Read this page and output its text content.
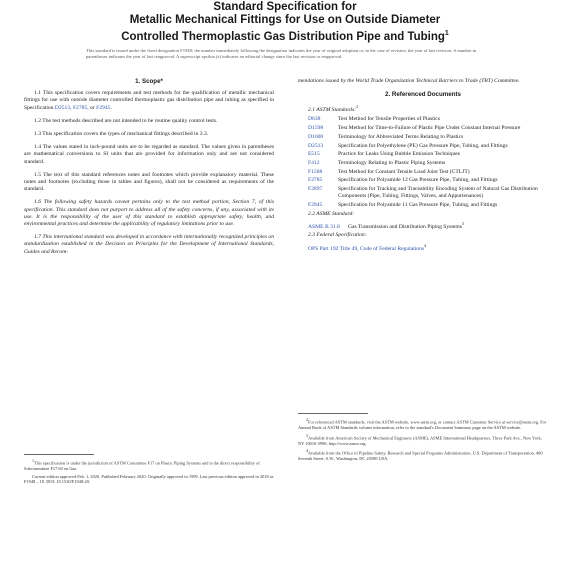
Standard Specification for
Metallic Mechanical Fittings for Use on Outside Diameter
Controlled Thermoplastic Gas Distribution Pipe and Tubing$^1$
This standard is issued under the fixed designation F1948; the number immediately following the designation indicates the year of original adoption or, in the case of revision, the year of last revision. A number in parentheses indicates the year of last reapproval. A superscript epsilon (ε) indicates an editorial change since the last revision or reapproval.
1. Scope*

1.1 This specification covers requirements and test methods for the qualification of metallic mechanical fittings for use with outside diameter controlled thermoplastic gas distribution pipe and tubing as specified in Specification D2513, F2785, or F2945.

1.2 The test methods described are not intended to be routine quality control tests.

1.3 This specification covers the types of mechanical fittings described in 3.3.

1.4 The values stated in inch-pound units are to be regarded as standard. The values given in parentheses are mathematical conversions to SI units that are provided for information only and are not considered standard.

1.5 The text of this standard references notes and footnotes which provide explanatory material. These notes and footnotes (excluding those in tables and figures), shall not be considered as requirements of the standard.

1.6 The following safety hazards caveat pertains only to the test method portion, Section 7, of this specification. This standard does not purport to address all of the safety concerns, if any, associated with its use. It is the responsibility of the user of this standard to establish appropriate safety, health, and environmental practices and determine the applicability of regulatory limitations prior to use.

1.7 This international standard was developed in accordance with internationally recognized principles on standardization established in the Decision on Principles for the Development of International Standards, Guides and Recom-

$^1$This specification is under the jurisdiction of ASTM Committee F17 on Plastic Piping Systems and is the direct responsibility of Subcommittee F17.60 on Gas.

Current edition approved Feb. 1, 2020. Published February 2020. Originally approved in 1999. Last previous edition approved in 2018 as F1948 – 18. DOI: 10.1520/F1948-20.

mendations issued by the World Trade Organization Technical Barriers to Trade (TBT) Committee.

2. Referenced Documents
2.1 ASTM Standards:$^2$
D638	Test Method for Tensile Properties of Plastics
D1598	Test Method for Time-to-Failure of Plastic Pipe Under Constant Internal Pressure
D1600	Terminology for Abbreviated Terms Relating to Plastics
D2513	Specification for Polyethylene (PE) Gas Pressure Pipe, Tubing, and Fittings
E515	Practice for Leaks Using Bubble Emission Techniques
F412	Terminology Relating to Plastic Piping Systems
F1588	Test Method for Constant Tensile Load Joint Test (CTLJT)
F2785	Specification for Polyamide 12 Gas Pressure Pipe, Tubing, and Fittings
F2897	Specification for Tracking and Traceability Encoding System of Natural Gas Distribution Components (Pipe, Tubing, Fittings, Valves, and Appurtenances)
F2945	Specification for Polyamide 11 Gas Pressure Pipe, Tubing, and Fittings
2.2 ASME Standard:
ASME B 31.8 Gas Transmission and Distribution Piping Systems$^3$
2.3 Federal Specification:
OPS Part 192 Title 49, Code of Federal Regulations$^4$

$^2$For referenced ASTM standards, visit the ASTM website, www.astm.org, or contact ASTM Customer Service at service@astm.org. For Annual Book of ASTM Standards volume information, refer to the standard's Document Summary page on the ASTM website.

$^3$Available from American Society of Mechanical Engineers (ASME), ASME International Headquarters, Three Park Ave., New York, NY 10016-5990, http://www.asme.org.

$^4$Available from the Office of Pipeline Safety, Research and Special Programs Administration, U.S. Department of Transportation, 400 Seventh Street, S.W., Washington, DC 20590 USA.
